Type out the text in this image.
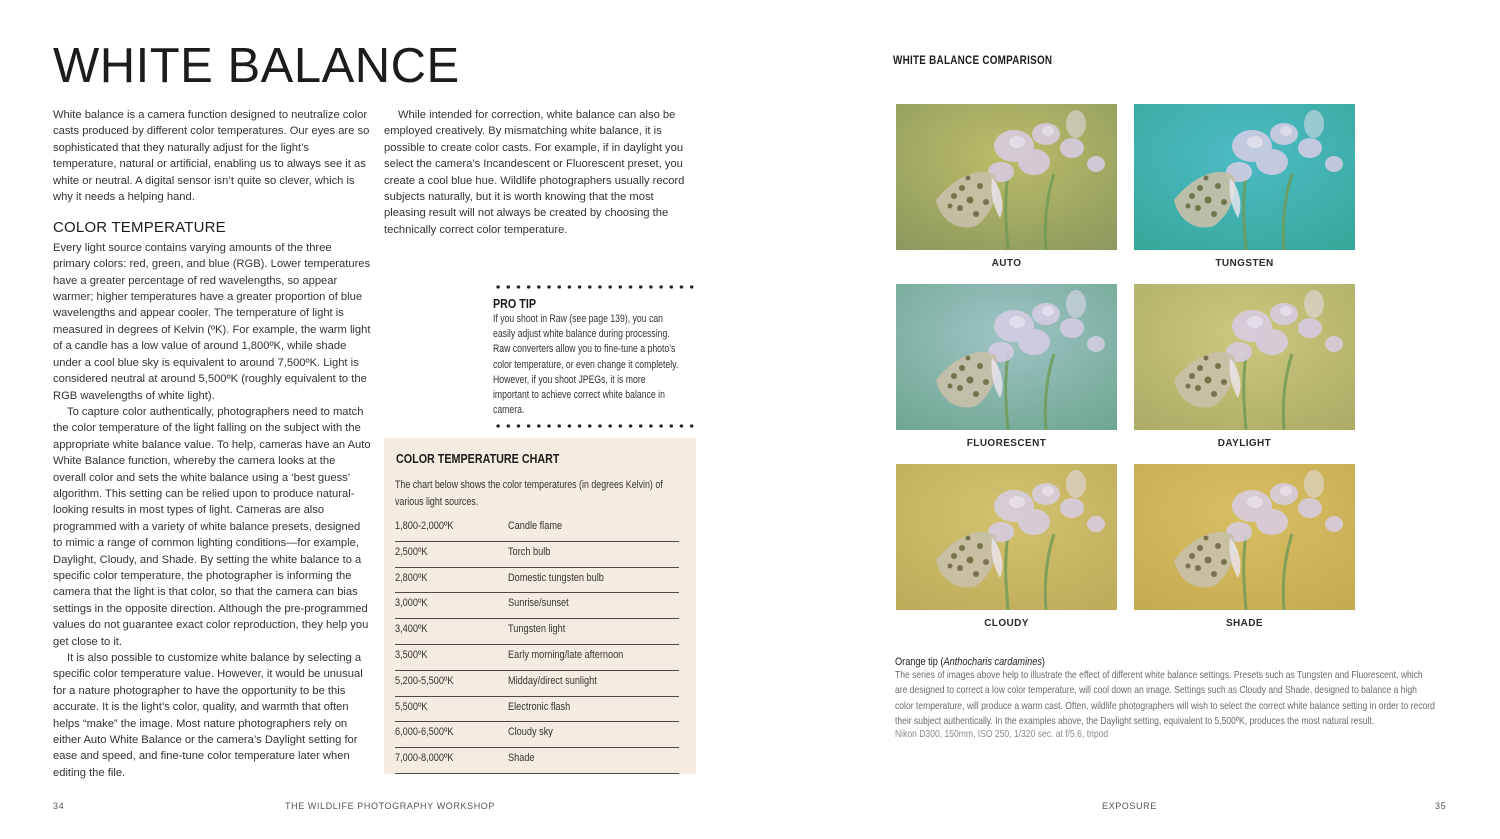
WHITE BALANCE

White balance is a camera function designed to neutralize color casts produced by different color temperatures. Our eyes are so sophisticated that they naturally adjust for the light’s temperature, natural or artificial, enabling us to always see it as white or neutral. A digital sensor isn’t quite so clever, which is why it needs a helping hand.

COLOR TEMPERATURE

Every light source contains varying amounts of the three primary colors: red, green, and blue (RGB). Lower temperatures have a greater percentage of red wavelengths, so appear warmer; higher temperatures have a greater proportion of blue wavelengths and appear cooler. The temperature of light is measured in degrees of Kelvin (ºK). For example, the warm light of a candle has a low value of around 1,800ºK, while shade under a cool blue sky is equivalent to around 7,500ºK. Light is considered neutral at around 5,500ºK (roughly equivalent to the RGB wavelengths of white light).

To capture color authentically, photographers need to match the color temperature of the light falling on the subject with the appropriate white balance value. To help, cameras have an Auto White Balance function, whereby the camera looks at the overall color and sets the white balance using a ‘best guess’ algorithm. This setting can be relied upon to produce natural-looking results in most types of light. Cameras are also programmed with a variety of white balance presets, designed to mimic a range of common lighting conditions—for example, Daylight, Cloudy, and Shade. By setting the white balance to a specific color temperature, the photographer is informing the camera that the light is that color, so that the camera can bias settings in the opposite direction. Although the pre-programmed values do not guarantee exact color reproduction, they help you get close to it.

It is also possible to customize white balance by selecting a specific color temperature value. However, it would be unusual for a nature photographer to have the opportunity to be this accurate. It is the light’s color, quality, and warmth that often helps “make” the image. Most nature photographers rely on either Auto White Balance or the camera’s Daylight setting for ease and speed, and fine-tune color temperature later when editing the file.

While intended for correction, white balance can also be employed creatively. By mismatching white balance, it is possible to create color casts. For example, if in daylight you select the camera’s Incandescent or Fluorescent preset, you create a cool blue hue. Wildlife photographers usually record subjects naturally, but it is worth knowing that the most pleasing result will not always be created by choosing the technically correct color temperature.

PRO TIP
If you shoot in Raw (see page 139), you can easily adjust white balance during processing. Raw converters allow you to fine-tune a photo’s color temperature, or even change it completely. However, if you shoot JPEGs, it is more important to achieve correct white balance in camera.
COLOR TEMPERATURE CHART
The chart below shows the color temperatures (in degrees Kelvin) of various light sources.
1,800-2,000ºK	Candle flame
2,500ºK	Torch bulb
2,800ºK	Domestic tungsten bulb
3,000ºK	Sunrise/sunset
3,400ºK	Tungsten light
3,500ºK	Early morning/late afternoon
5,200-5,500ºK	Midday/direct sunlight
5,500ºK	Electronic flash
6,000-6,500ºK	Cloudy sky
7,000-8,000ºK	Shade
34	THE WILDLIFE PHOTOGRAPHY WORKSHOP
WHITE BALANCE COMPARISON
AUTO	TUNGSTEN
FLUORESCENT	DAYLIGHT
CLOUDY	SHADE
Orange tip (Anthocharis cardamines)
The series of images above help to illustrate the effect of different white balance settings. Presets such as Tungsten and Fluorescent, which are designed to correct a low color temperature, will cool down an image. Settings such as Cloudy and Shade, designed to balance a high color temperature, will produce a warm cast. Often, wildlife photographers will wish to select the correct white balance setting in order to record their subject authentically. In the examples above, the Daylight setting, equivalent to 5,500ºK, produces the most natural result.
Nikon D300, 150mm, ISO 250, 1/320 sec. at f/5.6, tripod
EXPOSURE	35
